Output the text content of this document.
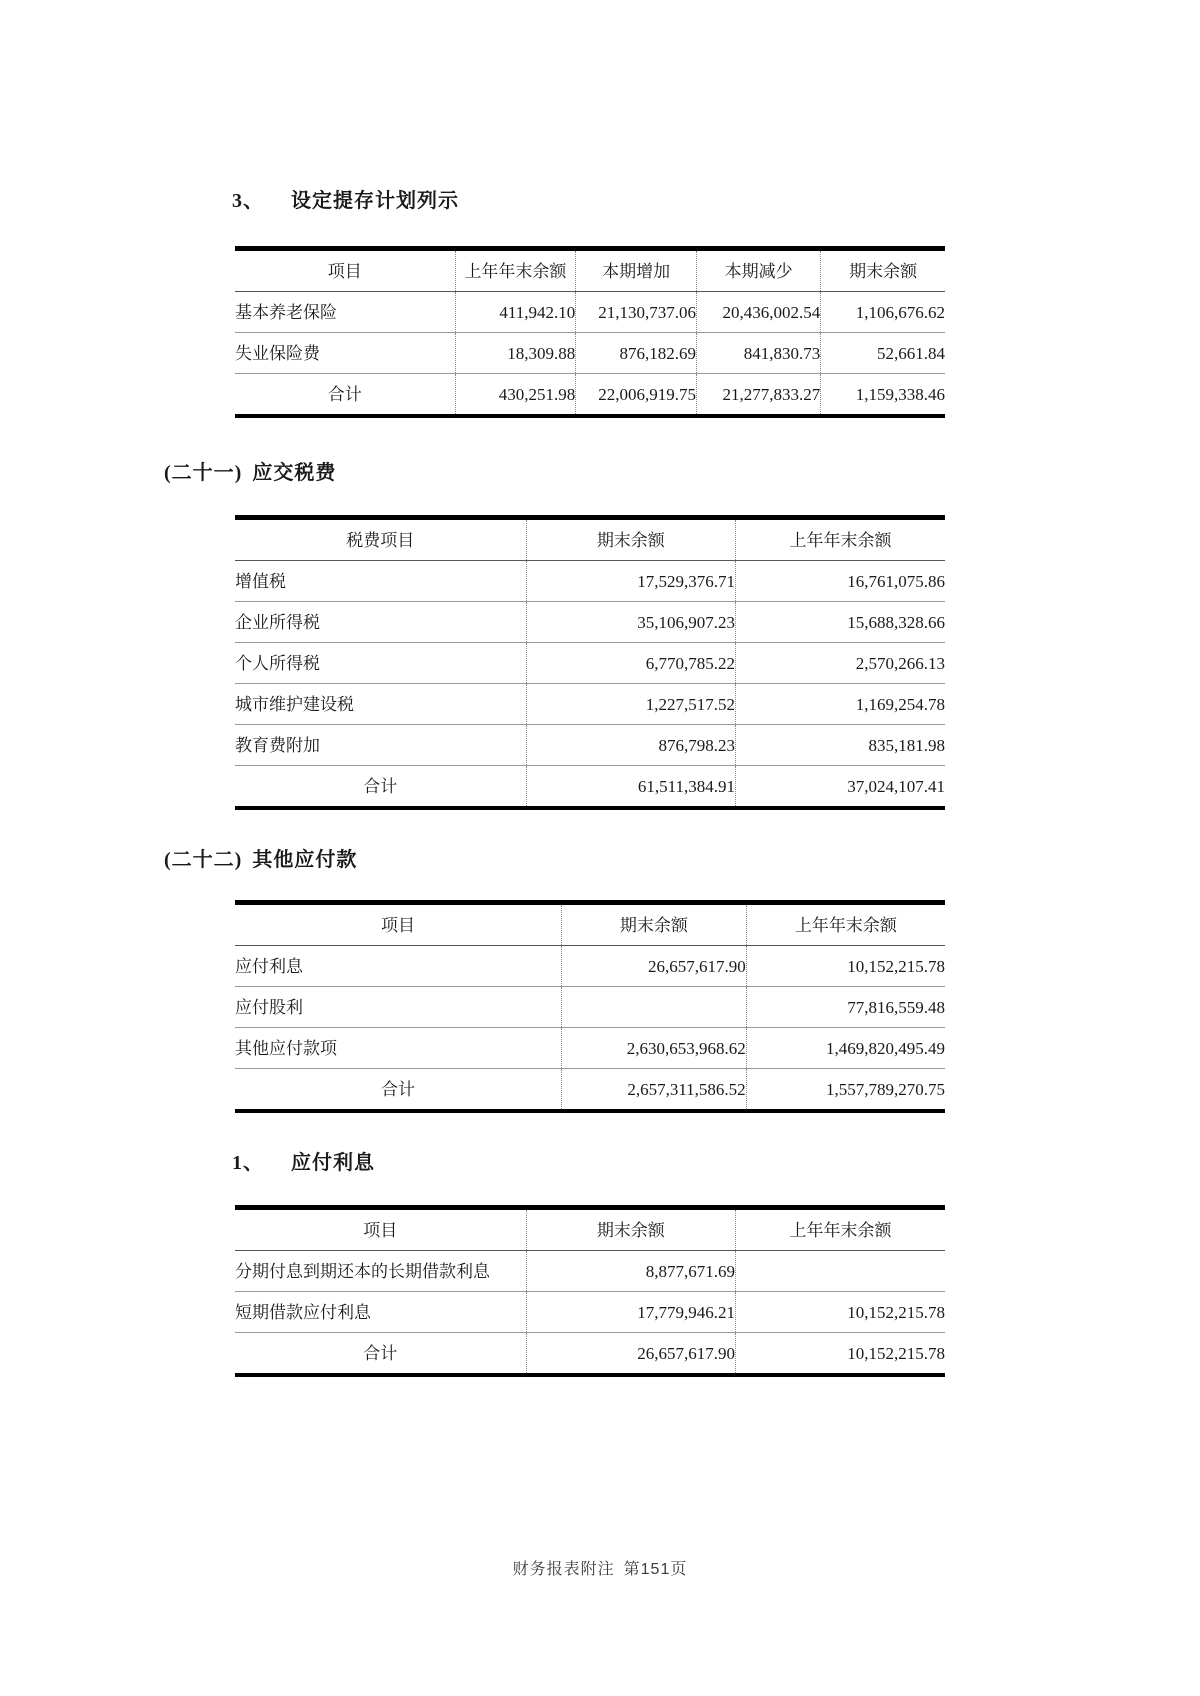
3、 设定提存计划列示
项目	上年年末余额	本期增加	本期减少	期末余额
基本养老保险	411,942.10	21,130,737.06	20,436,002.54	1,106,676.62
失业保险费	18,309.88	876,182.69	841,830.73	52,661.84
合计	430,251.98	22,006,919.75	21,277,833.27	1,159,338.46
(二十一) 应交税费
税费项目	期末余额	上年年末余额
增值税	17,529,376.71	16,761,075.86
企业所得税	35,106,907.23	15,688,328.66
个人所得税	6,770,785.22	2,570,266.13
城市维护建设税	1,227,517.52	1,169,254.78
教育费附加	876,798.23	835,181.98
合计	61,511,384.91	37,024,107.41
(二十二) 其他应付款
项目	期末余额	上年年末余额
应付利息	26,657,617.90	10,152,215.78
应付股利		77,816,559.48
其他应付款项	2,630,653,968.62	1,469,820,495.49
合计	2,657,311,586.52	1,557,789,270.75
1、 应付利息
项目	期末余额	上年年末余额
分期付息到期还本的长期借款利息	8,877,671.69	
短期借款应付利息	17,779,946.21	10,152,215.78
合计	26,657,617.90	10,152,215.78
财务报表附注 第151页
